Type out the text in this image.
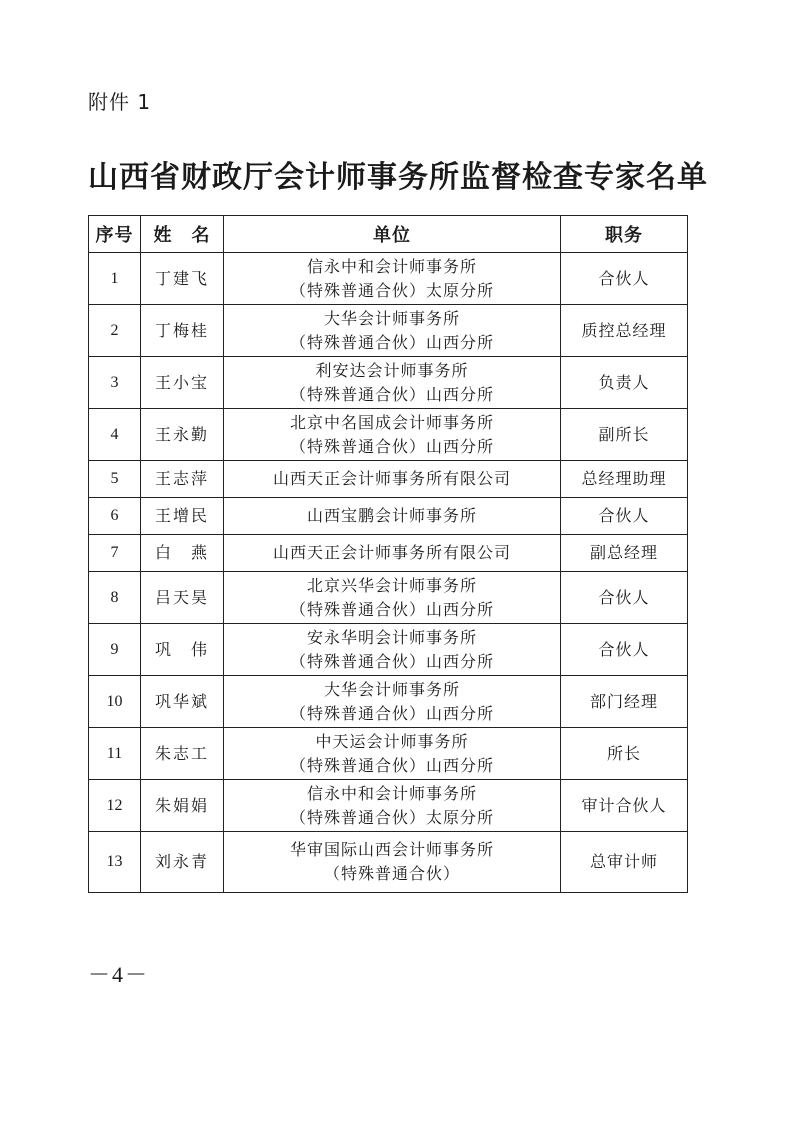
附件 1
山西省财政厅会计师事务所监督检查专家名单
序号	姓　名	单位	职务
1	丁建飞	信永中和会计师事务所
（特殊普通合伙）太原分所	合伙人
2	丁梅桂	大华会计师事务所
（特殊普通合伙）山西分所	质控总经理
3	王小宝	利安达会计师事务所
（特殊普通合伙）山西分所	负责人
4	王永勤	北京中名国成会计师事务所
（特殊普通合伙）山西分所	副所长
5	王志萍	山西天正会计师事务所有限公司	总经理助理
6	王增民	山西宝鹏会计师事务所	合伙人
7	白　燕	山西天正会计师事务所有限公司	副总经理
8	吕天昊	北京兴华会计师事务所
（特殊普通合伙）山西分所	合伙人
9	巩　伟	安永华明会计师事务所
（特殊普通合伙）山西分所	合伙人
10	巩华斌	大华会计师事务所
（特殊普通合伙）山西分所	部门经理
11	朱志工	中天运会计师事务所
（特殊普通合伙）山西分所	所长
12	朱娟娟	信永中和会计师事务所
（特殊普通合伙）太原分所	审计合伙人
13	刘永青	华审国际山西会计师事务所
（特殊普通合伙）	总审计师
－4－
